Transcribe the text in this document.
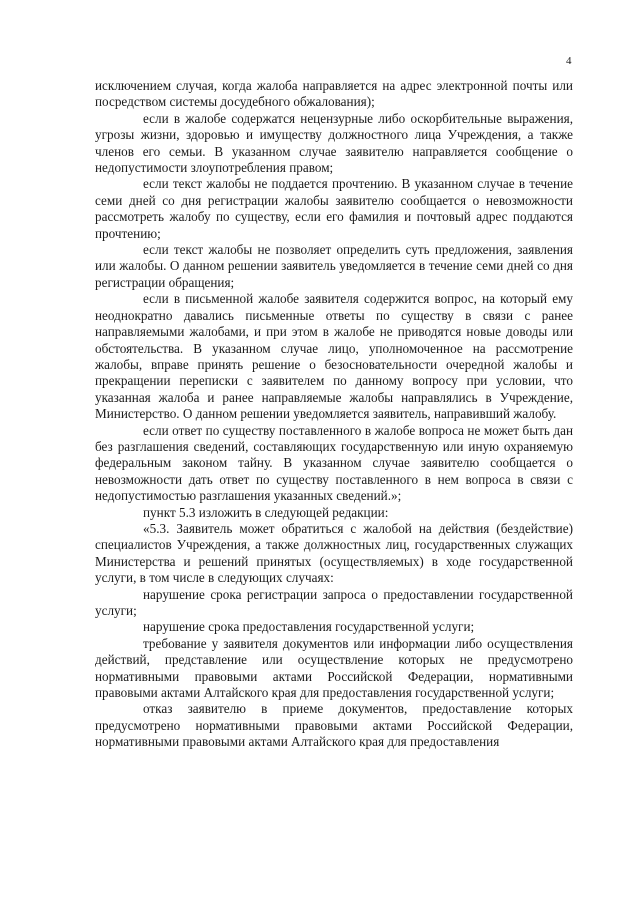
4

исключением случая, когда жалоба направляется на адрес электронной почты или посредством системы досудебного обжалования);

если в жалобе содержатся нецензурные либо оскорбительные выражения, угрозы жизни, здоровью и имуществу должностного лица Учреждения, а также членов его семьи. В указанном случае заявителю направляется сообщение о недопустимости злоупотребления правом;

если текст жалобы не поддается прочтению. В указанном случае в течение семи дней со дня регистрации жалобы заявителю сообщается о невозможности рассмотреть жалобу по существу, если его фамилия и почтовый адрес поддаются прочтению;

если текст жалобы не позволяет определить суть предложения, заявления или жалобы. О данном решении заявитель уведомляется в течение семи дней со дня регистрации обращения;

если в письменной жалобе заявителя содержится вопрос, на который ему неоднократно давались письменные ответы по существу в связи с ранее направляемыми жалобами, и при этом в жалобе не приводятся новые доводы или обстоятельства. В указанном случае лицо, уполномоченное на рассмотрение жалобы, вправе принять решение о безосновательности очередной жалобы и прекращении переписки с заявителем по данному вопросу при условии, что указанная жалоба и ранее направляемые жалобы направлялись в Учреждение, Министерство. О данном решении уведомляется заявитель, направивший жалобу.

если ответ по существу поставленного в жалобе вопроса не может быть дан без разглашения сведений, составляющих государственную или иную охраняемую федеральным законом тайну. В указанном случае заявителю сообщается о невозможности дать ответ по существу поставленного в нем вопроса в связи с недопустимостью разглашения указанных сведений.»;

пункт 5.3 изложить в следующей редакции:

«5.3. Заявитель может обратиться с жалобой на действия (бездействие) специалистов Учреждения, а также должностных лиц, государственных служащих Министерства и решений принятых (осуществляемых) в ходе государственной услуги, в том числе в следующих случаях:

нарушение срока регистрации запроса о предоставлении государственной услуги;

нарушение срока предоставления государственной услуги;

требование у заявителя документов или информации либо осуществления действий, представление или осуществление которых не предусмотрено нормативными правовыми актами Российской Федерации, нормативными правовыми актами Алтайского края для предоставления государственной услуги;

отказ заявителю в приеме документов, предоставление которых предусмотрено нормативными правовыми актами Российской Федерации, нормативными правовыми актами Алтайского края для предоставления
